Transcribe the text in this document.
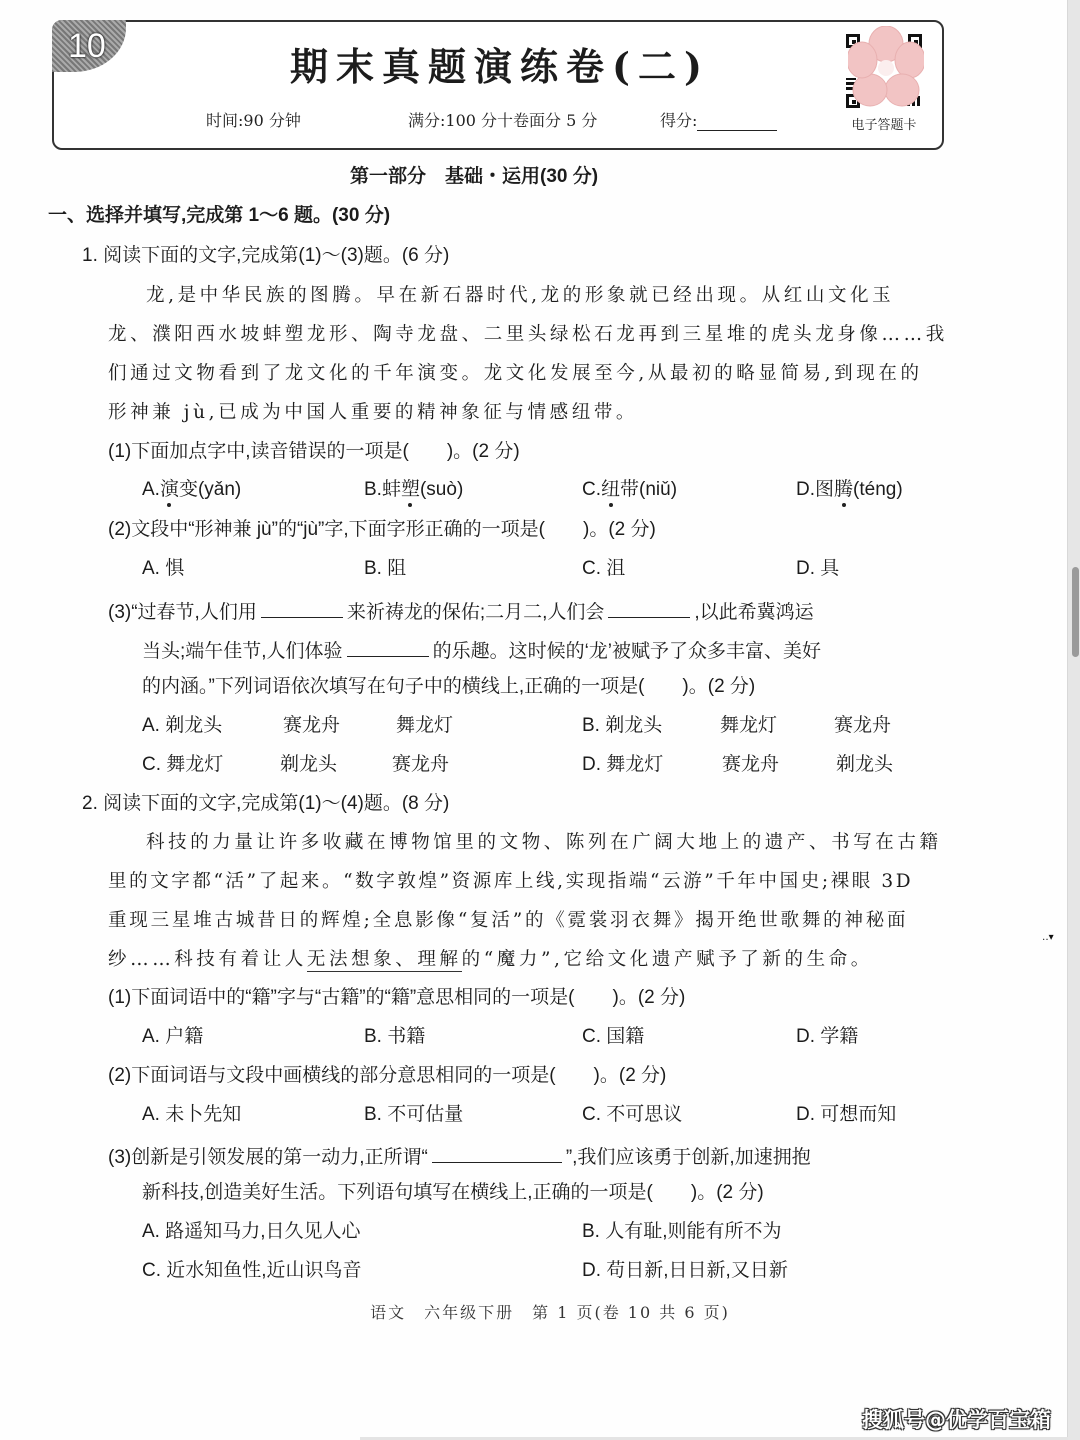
10	期末真题演练卷(二)
时间:90 分钟	满分:100 分十卷面分 5 分	得分:	电子答题卡
第一部分　基础・运用(30 分)
一、选择并填写,完成第 1～6 题。(30 分)
1. 阅读下面的文字,完成第(1)～(3)题。(6 分)
龙,是中华民族的图腾。早在新石器时代,龙的形象就已经出现。从红山文化玉
龙、濮阳西水坡蚌塑龙形、陶寺龙盘、二里头绿松石龙再到三星堆的虎头龙身像……我
们通过文物看到了龙文化的千年演变。龙文化发展至今,从最初的略显简易,到现在的
形神兼 jù,已成为中国人重要的精神象征与情感纽带。
(1)下面加点字中,读音错误的一项是(　　)。(2 分)
A.演变(yǎn)	B.蚌塑(suò)	C.纽带(niǔ)	D.图腾(téng)
(2)文段中“形神兼 jù”的“jù”字,下面字形正确的一项是(　　)。(2 分)
A. 惧	B. 阻	C. 沮	D. 具
(3)“过春节,人们用	来祈祷龙的保佑;二月二,人们会	,以此希冀鸿运
当头;端午佳节,人们体验	的乐趣。这时候的‘龙’被赋予了众多丰富、美好
的内涵。”下列词语依次填写在句子中的横线上,正确的一项是(　　)。(2 分)
A. 剃龙头	赛龙舟	舞龙灯	B. 剃龙头	舞龙灯	赛龙舟
C. 舞龙灯	剃龙头	赛龙舟	D. 舞龙灯	赛龙舟	剃龙头
2. 阅读下面的文字,完成第(1)～(4)题。(8 分)
科技的力量让许多收藏在博物馆里的文物、陈列在广阔大地上的遗产、书写在古籍
里的文字都“活”了起来。“数字敦煌”资源库上线,实现指端“云游”千年中国史;裸眼 3D
重现三星堆古城昔日的辉煌;全息影像“复活”的《霓裳羽衣舞》揭开绝世歌舞的神秘面
纱……科技有着让人无法想象、理解的“魔力”,它给文化遗产赋予了新的生命。
(1)下面词语中的“籍”字与“古籍”的“籍”意思相同的一项是(　　)。(2 分)
A. 户籍	B. 书籍	C. 国籍	D. 学籍
(2)下面词语与文段中画横线的部分意思相同的一项是(　　)。(2 分)
A. 未卜先知	B. 不可估量	C. 不可思议	D. 可想而知
(3)创新是引领发展的第一动力,正所谓“	”,我们应该勇于创新,加速拥抱
新科技,创造美好生活。下列语句填写在横线上,正确的一项是(　　)。(2 分)
A. 路遥知马力,日久见人心	B. 人有耻,则能有所不为
C. 近水知鱼性,近山识鸟音	D. 苟日新,日日新,又日新
语文　六年级下册　第 1 页(卷 10 共 6 页)
‥▾
搜狐号@优学百宝箱
